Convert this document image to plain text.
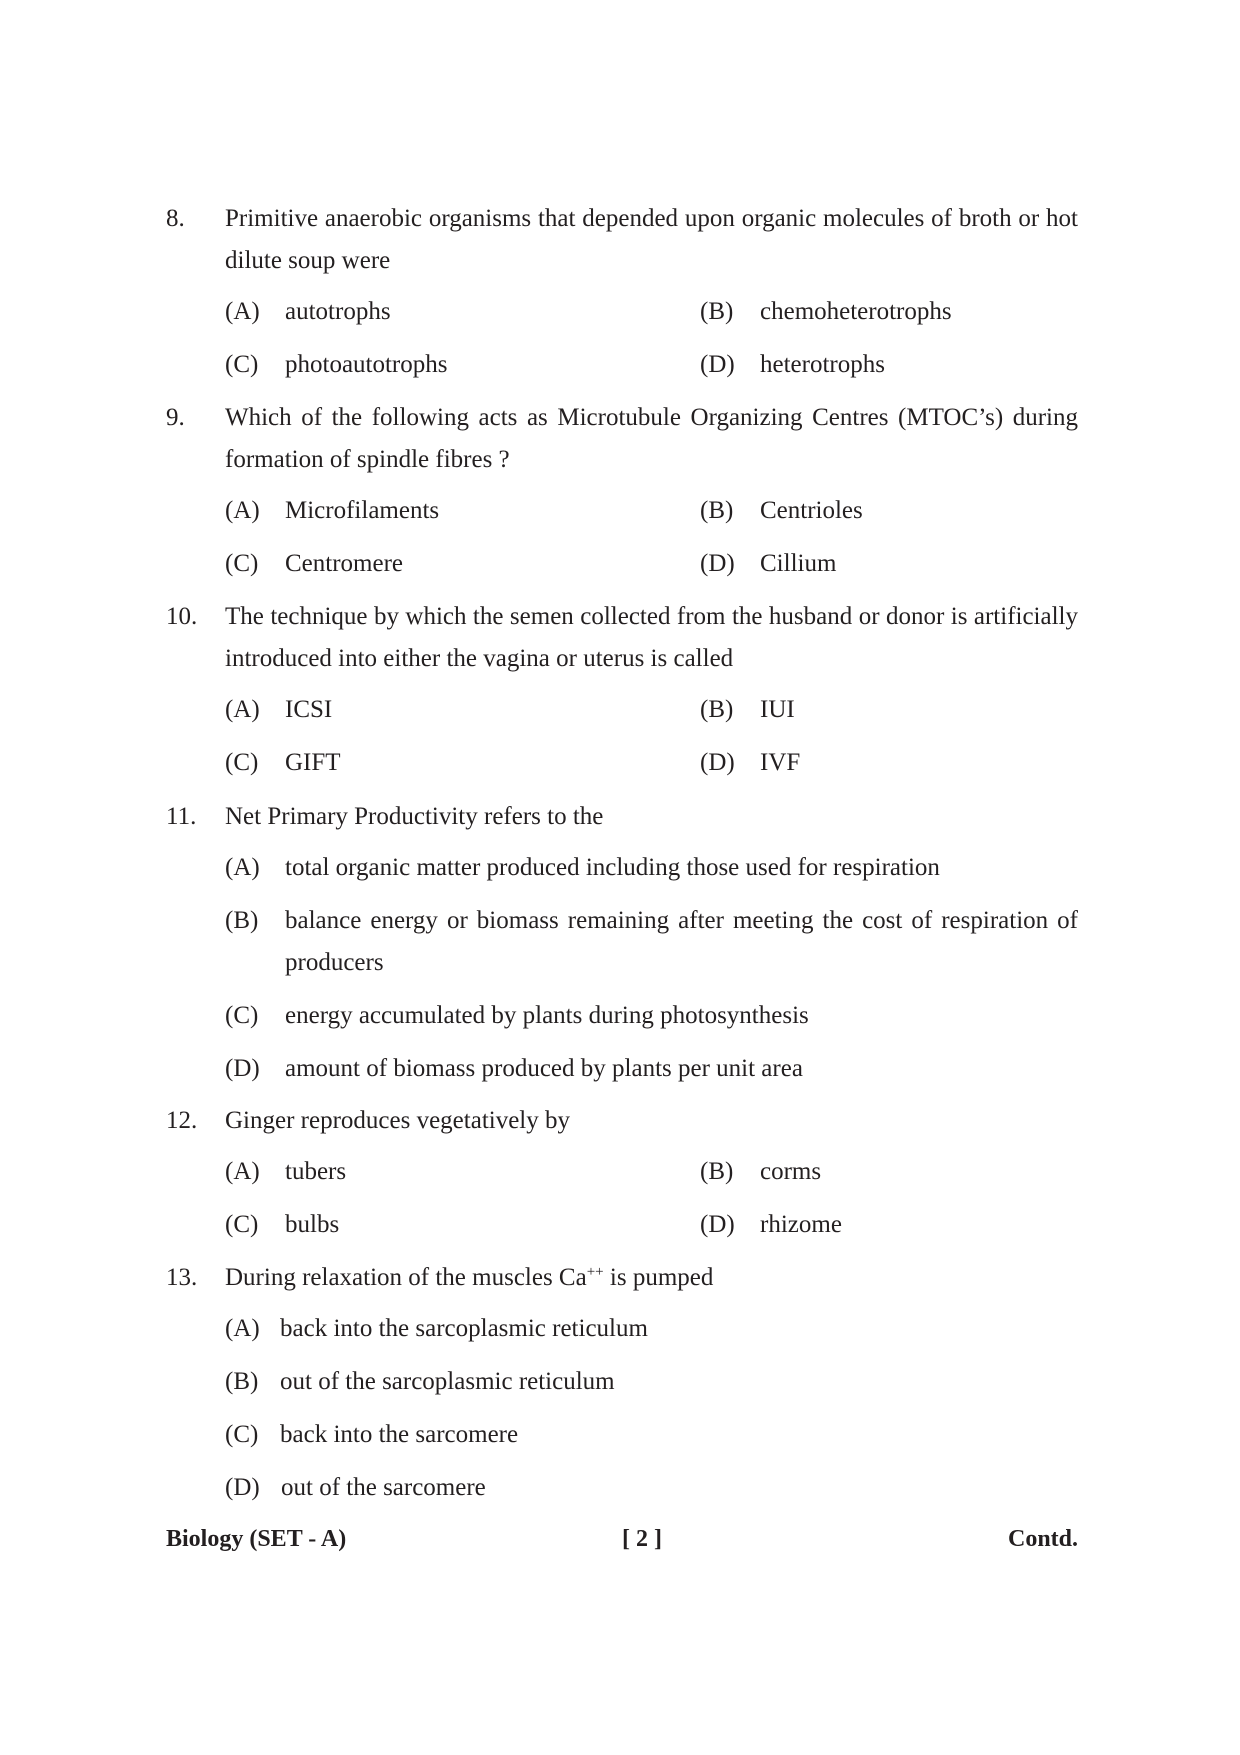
8. Primitive anaerobic organisms that depended upon organic molecules of broth or hot dilute soup were
(A) autotrophs	(B) chemoheterotrophs
(C) photoautotrophs	(D) heterotrophs
9. Which of the following acts as Microtubule Organizing Centres (MTOC’s) during formation of spindle fibres ?
(A) Microfilaments	(B) Centrioles
(C) Centromere	(D) Cillium
10. The technique by which the semen collected from the husband or donor is artificially introduced into either the vagina or uterus is called
(A) ICSI	(B) IUI
(C) GIFT	(D) IVF
11. Net Primary Productivity refers to the
(A)	total organic matter produced including those used for respiration
(B)	balance energy or biomass remaining after meeting the cost of respiration of producers
(C)	energy accumulated by plants during photosynthesis
(D)	amount of biomass produced by plants per unit area
12. Ginger reproduces vegetatively by
(A) tubers	(B) corms
(C) bulbs	(D) rhizome
13. During relaxation of the muscles Ca++ is pumped
(A) back into the sarcoplasmic reticulum
(B) out of the sarcoplasmic reticulum
(C) back into the sarcomere
(D) out of the sarcomere
Biology (SET - A)	[ 2 ]	Contd.
